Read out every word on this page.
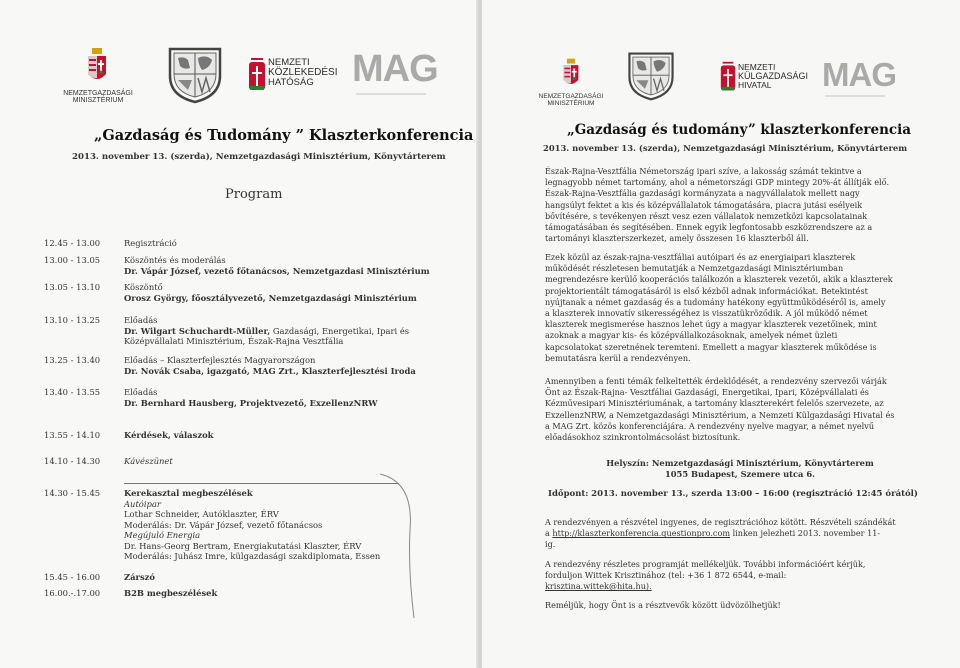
NEMZETGAZDASÁGI
MINISZTÉRIUM
NEMZETI
KÖZLEKEDÉSI
HATÓSÁG	MAG
„Gazdaság és Tudomány ” Klaszterkonferencia
2013. november 13. (szerda), Nemzetgazdasági Minisztérium, Könyvtárterem
Program
12.45 - 13.00	Regisztráció
13.00 - 13.05	Köszöntés és moderálás
Dr. Vápár József, vezető főtanácsos, Nemzetgazdasi Minisztérium
13.05 - 13.10	Köszöntő
Orosz György, főosztályvezető, Nemzetgazdasági Minisztérium
13.10 - 13.25	Előadás
Dr. Wilgart Schuchardt-Müller, Gazdasági, Energetikai, Ipari és
Középvállalati Minisztérium, Észak-Rajna Vesztfália
13.25 - 13.40	Előadás – Klaszterfejlesztés Magyarországon
Dr. Novák Csaba, igazgató, MAG Zrt., Klaszterfejlesztési Iroda
13.40 - 13.55	Előadás
Dr. Bernhard Hausberg, Projektvezető, ExzellenzNRW
13.55 - 14.10	Kérdések, válaszok
14.10 - 14.30	Kávészünet
14.30 - 15.45	Kerekasztal megbeszélések
Autóipar
Lothar Schneider, Autóklaszter, ÉRV
Moderálás: Dr. Vápár József, vezető főtanácsos
Megújuló Energia
Dr. Hans-Georg Bertram, Energiakutatási Klaszter, ÉRV
Moderálás: Juhász Imre, külgazdasági szakdiplomata, Essen
15.45 - 16.00	Zárszó
16.00.-.17.00	B2B megbeszélések
NEMZETGAZDASÁGI
MINISZTÉRIUM
NEMZETI
KÜLGAZDASÁGI
HIVATAL	MAG
„Gazdaság és tudomány” klaszterkonferencia
2013. november 13. (szerda), Nemzetgazdasági Minisztérium, Könyvtárterem
Észak-Rajna-Vesztfália Németország ipari szíve, a lakosság számát tekintve a
legnagyobb német tartomány, ahol a németországi GDP mintegy 20%-át állítják elő.
Észak-Rajna-Vesztfália gazdasági kormányzata a nagyvállalatok mellett nagy
hangsúlyt fektet a kis és középvállalatok támogatására, piacra jutási esélyeik
bővítésére, s tevékenyen részt vesz ezen vállalatok nemzetközi kapcsolatainak
támogatásában és segítésében. Ennek egyik legfontosabb eszközrendszere az a
tartományi klaszterszerkezet, amely összesen 16 klaszterből áll.
Ezek közül az észak-rajna-vesztfáliai autóipari és az energiaipari klaszterek
működését részletesen bemutatják a Nemzetgazdasági Minisztériumban
megrendezésre kerülő kooperációs találkozón a klaszterek vezetői, akik a klaszterek
projektorientált támogatásáról is első kézből adnak információkat. Betekintést
nyújtanak a német gazdaság és a tudomány hatékony együttműködéséről is, amely
a klaszterek innovatív sikerességéhez is visszatükröződik. A jól működő német
klaszterek megismerése hasznos lehet úgy a magyar klaszterek vezetőinek, mint
azoknak a magyar kis- és középvállalkozásoknak, amelyek német üzleti
kapcsolatokat szeretnének teremteni. Emellett a magyar klaszterek működése is
bemutatásra kerül a rendezvényen.
Amennyiben a fenti témák felkeltették érdeklődését, a rendezvény szervezői várják
Önt az Észak-Rajna- Vesztfáliai Gazdasági, Energetikai, Ipari, Középvállalati és
Kézművesipari Minisztériumának, a tartomány klaszterekért felelős szervezete, az
ExzellenzNRW, a Nemzetgazdasági Minisztérium, a Nemzeti Külgazdasági Hivatal és
a MAG Zrt. közös konferenciájára. A rendezvény nyelve magyar, a német nyelvű
előadásokhoz szinkrontolmácsolást biztosítunk.
Helyszín: Nemzetgazdasági Minisztérium, Könyvtárterem
1055 Budapest, Szemere utca 6.
Időpont: 2013. november 13., szerda 13:00 – 16:00 (regisztráció 12:45 órától)
A rendezvényen a részvétel ingyenes, de regisztrációhoz kötött. Részvételi szándékát
a http://klaszterkonferencia.questionpro.com linken jelezheti 2013. november 11-
ig.
A rendezvény részletes programját mellékeljük. További információért kérjük,
forduljon Wittek Krisztinához (tel: +36 1 872 6544, e-mail:
krisztina.wittek@hita.hu).
Reméljük, hogy Önt is a résztvevők között üdvözölhetjük!
